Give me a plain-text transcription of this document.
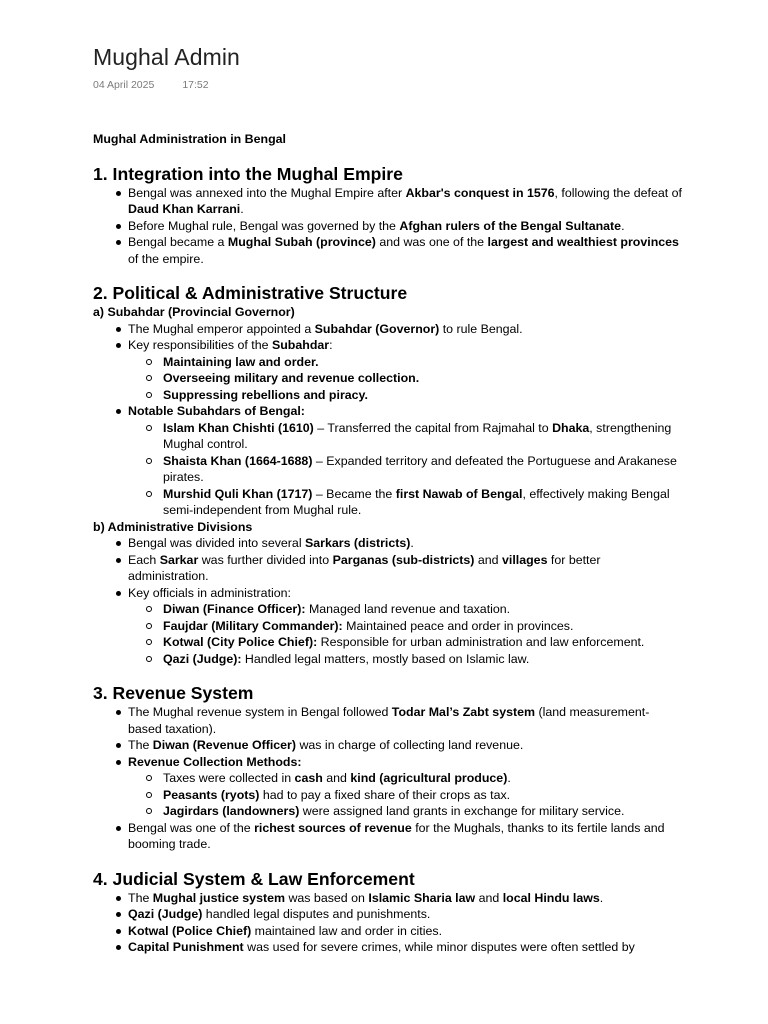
Mughal Admin
04 April 2025	17:52
Mughal Administration in Bengal
1. Integration into the Mughal Empire
Bengal was annexed into the Mughal Empire after Akbar's conquest in 1576, following the defeat of Daud Khan Karrani.
Before Mughal rule, Bengal was governed by the Afghan rulers of the Bengal Sultanate.
Bengal became a Mughal Subah (province) and was one of the largest and wealthiest provinces of the empire.
2. Political & Administrative Structure
a) Subahdar (Provincial Governor)
The Mughal emperor appointed a Subahdar (Governor) to rule Bengal.
Key responsibilities of the Subahdar:
Maintaining law and order.
Overseeing military and revenue collection.
Suppressing rebellions and piracy.
Notable Subahdars of Bengal:
Islam Khan Chishti (1610) – Transferred the capital from Rajmahal to Dhaka, strengthening Mughal control.
Shaista Khan (1664-1688) – Expanded territory and defeated the Portuguese and Arakanese pirates.
Murshid Quli Khan (1717) – Became the first Nawab of Bengal, effectively making Bengal semi-independent from Mughal rule.
b) Administrative Divisions
Bengal was divided into several Sarkars (districts).
Each Sarkar was further divided into Parganas (sub-districts) and villages for better administration.
Key officials in administration:
Diwan (Finance Officer): Managed land revenue and taxation.
Faujdar (Military Commander): Maintained peace and order in provinces.
Kotwal (City Police Chief): Responsible for urban administration and law enforcement.
Qazi (Judge): Handled legal matters, mostly based on Islamic law.
3. Revenue System
The Mughal revenue system in Bengal followed Todar Mal’s Zabt system (land measurement-based taxation).
The Diwan (Revenue Officer) was in charge of collecting land revenue.
Revenue Collection Methods:
Taxes were collected in cash and kind (agricultural produce).
Peasants (ryots) had to pay a fixed share of their crops as tax.
Jagirdars (landowners) were assigned land grants in exchange for military service.
Bengal was one of the richest sources of revenue for the Mughals, thanks to its fertile lands and booming trade.
4. Judicial System & Law Enforcement
The Mughal justice system was based on Islamic Sharia law and local Hindu laws.
Qazi (Judge) handled legal disputes and punishments.
Kotwal (Police Chief) maintained law and order in cities.
Capital Punishment was used for severe crimes, while minor disputes were often settled by
